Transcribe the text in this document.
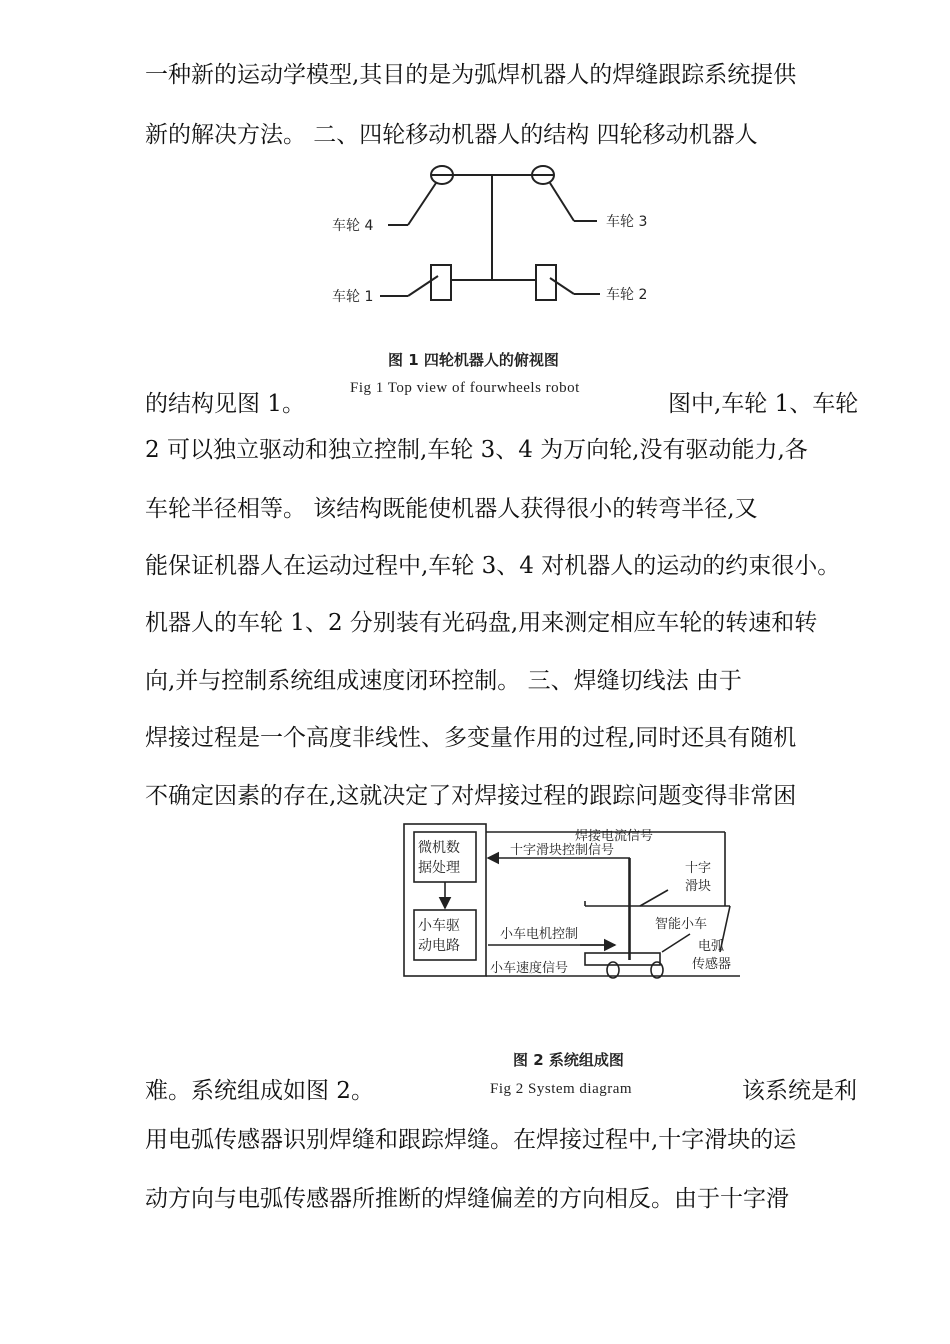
一种新的运动学模型,其目的是为弧焊机器人的焊缝跟踪系统提供
新的解决方法。 二、四轮移动机器人的结构 四轮移动机器人
车轮 4	车轮 3
车轮 1	车轮 2
图 1 四轮机器人的俯视图
的结构见图 1。
Fig 1 Top view of fourwheels robot
图中,车轮 1、车轮
2 可以独立驱动和独立控制,车轮 3、4 为万向轮,没有驱动能力,各
车轮半径相等。 该结构既能使机器人获得很小的转弯半径,又
能保证机器人在运动过程中,车轮 3、4 对机器人的运动的约束很小。
机器人的车轮 1、2 分别装有光码盘,用来测定相应车轮的转速和转
向,并与控制系统组成速度闭环控制。 三、焊缝切线法 由于
焊接过程是一个高度非线性、多变量作用的过程,同时还具有随机
不确定因素的存在,这就决定了对焊接过程的跟踪问题变得非常困
微机数
据处理
小车驱
动电路
焊接电流信号
十字滑块控制信号
十字
滑块
智能小车
小车电机控制
电弧
传感器
小车速度信号
图 2 系统组成图
难。系统组成如图 2。	Fig 2 System diagram	该系统是利
用电弧传感器识别焊缝和跟踪焊缝。在焊接过程中,十字滑块的运
动方向与电弧传感器所推断的焊缝偏差的方向相反。由于十字滑
